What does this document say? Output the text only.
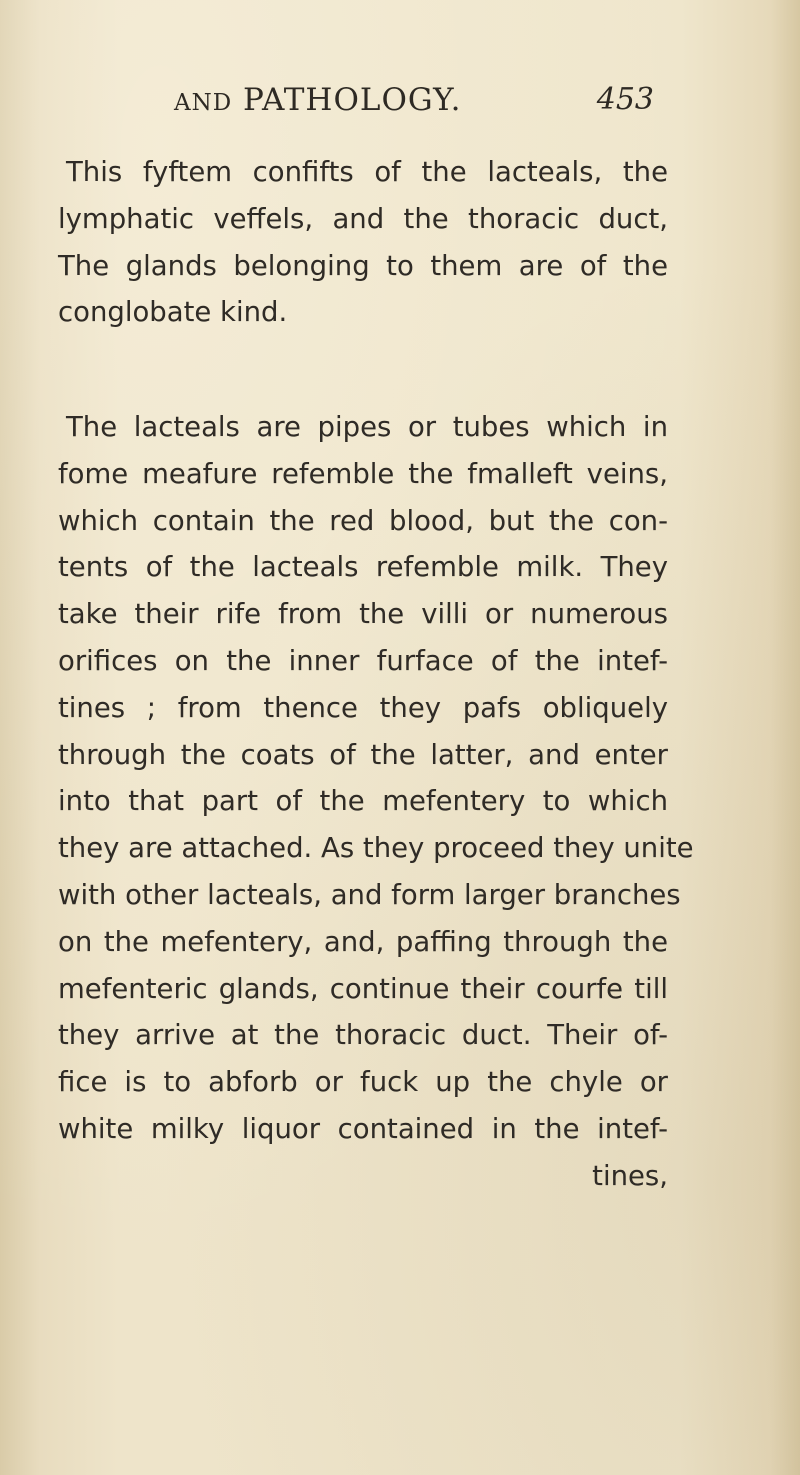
AND PATHOLOGY.	453
This fyftem confifts of the lacteals, the
lymphatic veffels, and the thoracic duct,
The glands belonging to them are of the
conglobate kind.
The lacteals are pipes or tubes which in
fome meafure refemble the fmalleft veins,
which contain the red blood, but the con-
tents of the lacteals refemble milk. They
take their rife from the villi or numerous
orifices on the inner furface of the intef-
tines ; from thence they pafs obliquely
through the coats of the latter, and enter
into that part of the mefentery to which
they are attached. As they proceed they unite
with other lacteals, and form larger branches
on the mefentery, and, paffing through the
mefenteric glands, continue their courfe till
they arrive at the thoracic duct. Their of-
fice is to abforb or fuck up the chyle or
white milky liquor contained in the intef-
tines,
